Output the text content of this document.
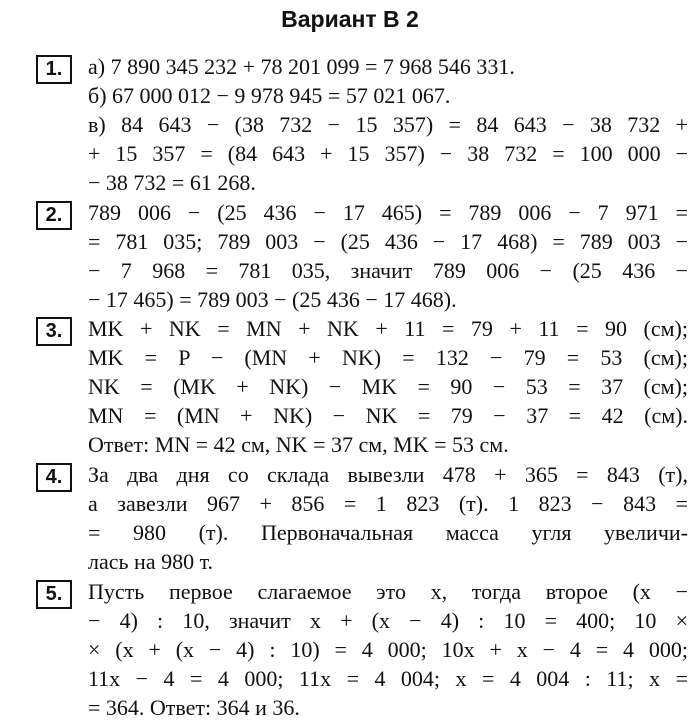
Вариант В 2
1.	а) 7 890 345 232 + 78 201 099 = 7 968 546 331.
б) 67 000 012 − 9 978 945 = 57 021 067.
в) 84 643 − (38 732 − 15 357) = 84 643 − 38 732 +
+ 15 357 = (84 643 + 15 357) − 38 732 = 100 000 −
− 38 732 = 61 268.
2.	789 006 − (25 436 − 17 465) = 789 006 − 7 971 =
= 781 035; 789 003 − (25 436 − 17 468) = 789 003 −
− 7 968 = 781 035, значит 789 006 − (25 436 −
− 17 465) = 789 003 − (25 436 − 17 468).
3.	MK + NK = MN + NK + 11 = 79 + 11 = 90 (см);
MK = P − (MN + NK) = 132 − 79 = 53 (см);
NK = (MK + NK) − MK = 90 − 53 = 37 (см);
MN = (MN + NK) − NK = 79 − 37 = 42 (см).
Ответ: MN = 42 см, NK = 37 см, MK = 53 см.
4.	За два дня со склада вывезли 478 + 365 = 843 (т),
а завезли 967 + 856 = 1 823 (т). 1 823 − 843 =
= 980 (т). Первоначальная масса угля увеличи-
лась на 980 т.
5.	Пусть первое слагаемое это x, тогда второе (x −
− 4) : 10, значит x + (x − 4) : 10 = 400; 10 ×
× (x + (x − 4) : 10) = 4 000; 10x + x − 4 = 4 000;
11x − 4 = 4 000; 11x = 4 004; x = 4 004 : 11; x =
= 364. Ответ: 364 и 36.
